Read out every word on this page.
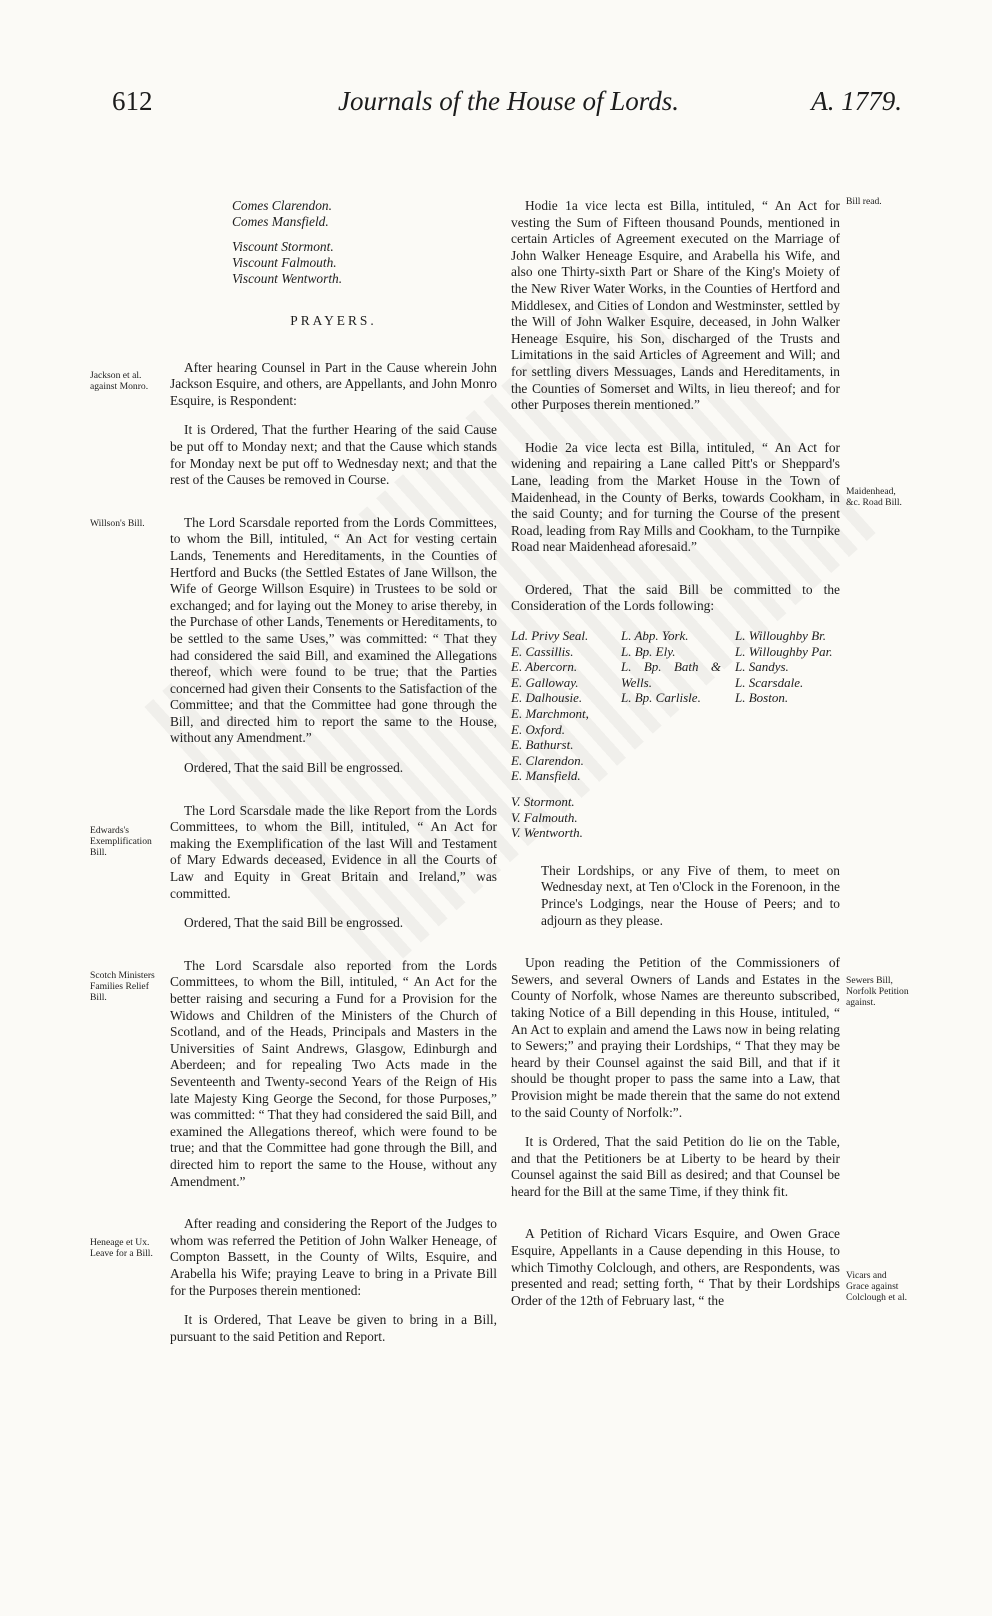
612	Journals of the House of Lords.	A. 1779.
Jackson et al. against Monro.
Willson's Bill.
Edwards's Exemplification Bill.
Scotch Ministers Families Relief Bill.
Heneage et Ux. Leave for a Bill.
Bill read.
Maidenhead, &c. Road Bill.
Sewers Bill, Norfolk Petition against.
Vicars and Grace against Colclough et al.

Comes Clarendon.

Comes Mansfield.

Viscount Stormont.

Viscount Falmouth.

Viscount Wentworth.

PRAYERS.

After hearing Counsel in Part in the Cause wherein John Jackson Esquire, and others, are Appellants, and John Monro Esquire, is Respondent:

It is Ordered, That the further Hearing of the said Cause be put off to Monday next; and that the Cause which stands for Monday next be put off to Wednesday next; and that the rest of the Causes be removed in Course.

The Lord Scarsdale reported from the Lords Committees, to whom the Bill, intituled, “ An Act for vesting certain Lands, Tenements and Hereditaments, in the Counties of Hertford and Bucks (the Settled Estates of Jane Willson, the Wife of George Willson Esquire) in Trustees to be sold or exchanged; and for laying out the Money to arise thereby, in the Purchase of other Lands, Tenements or Hereditaments, to be settled to the same Uses,” was committed: “ That they had considered the said Bill, and examined the Allegations thereof, which were found to be true; that the Parties concerned had given their Consents to the Satisfaction of the Committee; and that the Committee had gone through the Bill, and directed him to report the same to the House, without any Amendment.”

Ordered, That the said Bill be engrossed.

The Lord Scarsdale made the like Report from the Lords Committees, to whom the Bill, intituled, “ An Act for making the Exemplification of the last Will and Testament of Mary Edwards deceased, Evidence in all the Courts of Law and Equity in Great Britain and Ireland,” was committed.

Ordered, That the said Bill be engrossed.

The Lord Scarsdale also reported from the Lords Committees, to whom the Bill, intituled, “ An Act for the better raising and securing a Fund for a Provision for the Widows and Children of the Ministers of the Church of Scotland, and of the Heads, Principals and Masters in the Universities of Saint Andrews, Glasgow, Edinburgh and Aberdeen; and for repealing Two Acts made in the Seventeenth and Twenty-second Years of the Reign of His late Majesty King George the Second, for those Purposes,” was committed: “ That they had considered the said Bill, and examined the Allegations thereof, which were found to be true; and that the Committee had gone through the Bill, and directed him to report the same to the House, without any Amendment.”

After reading and considering the Report of the Judges to whom was referred the Petition of John Walker Heneage, of Compton Bassett, in the County of Wilts, Esquire, and Arabella his Wife; praying Leave to bring in a Private Bill for the Purposes therein mentioned:

It is Ordered, That Leave be given to bring in a Bill, pursuant to the said Petition and Report.

Hodie 1a vice lecta est Billa, intituled, “ An Act for vesting the Sum of Fifteen thousand Pounds, mentioned in certain Articles of Agreement executed on the Marriage of John Walker Heneage Esquire, and Arabella his Wife, and also one Thirty-sixth Part or Share of the King's Moiety of the New River Water Works, in the Counties of Hertford and Middlesex, and Cities of London and Westminster, settled by the Will of John Walker Esquire, deceased, in John Walker Heneage Esquire, his Son, discharged of the Trusts and Limitations in the said Articles of Agreement and Will; and for settling divers Messuages, Lands and Hereditaments, in the Counties of Somerset and Wilts, in lieu thereof; and for other Purposes therein mentioned.”

Hodie 2a vice lecta est Billa, intituled, “ An Act for widening and repairing a Lane called Pitt's or Sheppard's Lane, leading from the Market House in the Town of Maidenhead, in the County of Berks, towards Cookham, in the said County; and for turning the Course of the present Road, leading from Ray Mills and Cookham, to the Turnpike Road near Maidenhead aforesaid.”

Ordered, That the said Bill be committed to the Consideration of the Lords following:

Ld. Privy Seal.
E. Cassillis.
E. Abercorn.
E. Galloway.
E. Dalhousie.
E. Marchmont,
E. Oxford.
E. Bathurst.
E. Clarendon.
E. Mansfield.
V. Stormont.
V. Falmouth.
V. Wentworth.
L. Abp. York.
L. Bp. Ely.
L. Bp. Bath & Wells.
L. Bp. Carlisle.
L. Willoughby Br.
L. Willoughby Par.
L. Sandys.
L. Scarsdale.
L. Boston.

Their Lordships, or any Five of them, to meet on Wednesday next, at Ten o'Clock in the Forenoon, in the Prince's Lodgings, near the House of Peers; and to adjourn as they please.

Upon reading the Petition of the Commissioners of Sewers, and several Owners of Lands and Estates in the County of Norfolk, whose Names are thereunto subscribed, taking Notice of a Bill depending in this House, intituled, “ An Act to explain and amend the Laws now in being relating to Sewers;” and praying their Lordships, “ That they may be heard by their Counsel against the said Bill, and that if it should be thought proper to pass the same into a Law, that Provision might be made therein that the same do not extend to the said County of Norfolk:”.

It is Ordered, That the said Petition do lie on the Table, and that the Petitioners be at Liberty to be heard by their Counsel against the said Bill as desired; and that Counsel be heard for the Bill at the same Time, if they think fit.

A Petition of Richard Vicars Esquire, and Owen Grace Esquire, Appellants in a Cause depending in this House, to which Timothy Colclough, and others, are Respondents, was presented and read; setting forth, “ That by their Lordships Order of the 12th of February last, “ the
